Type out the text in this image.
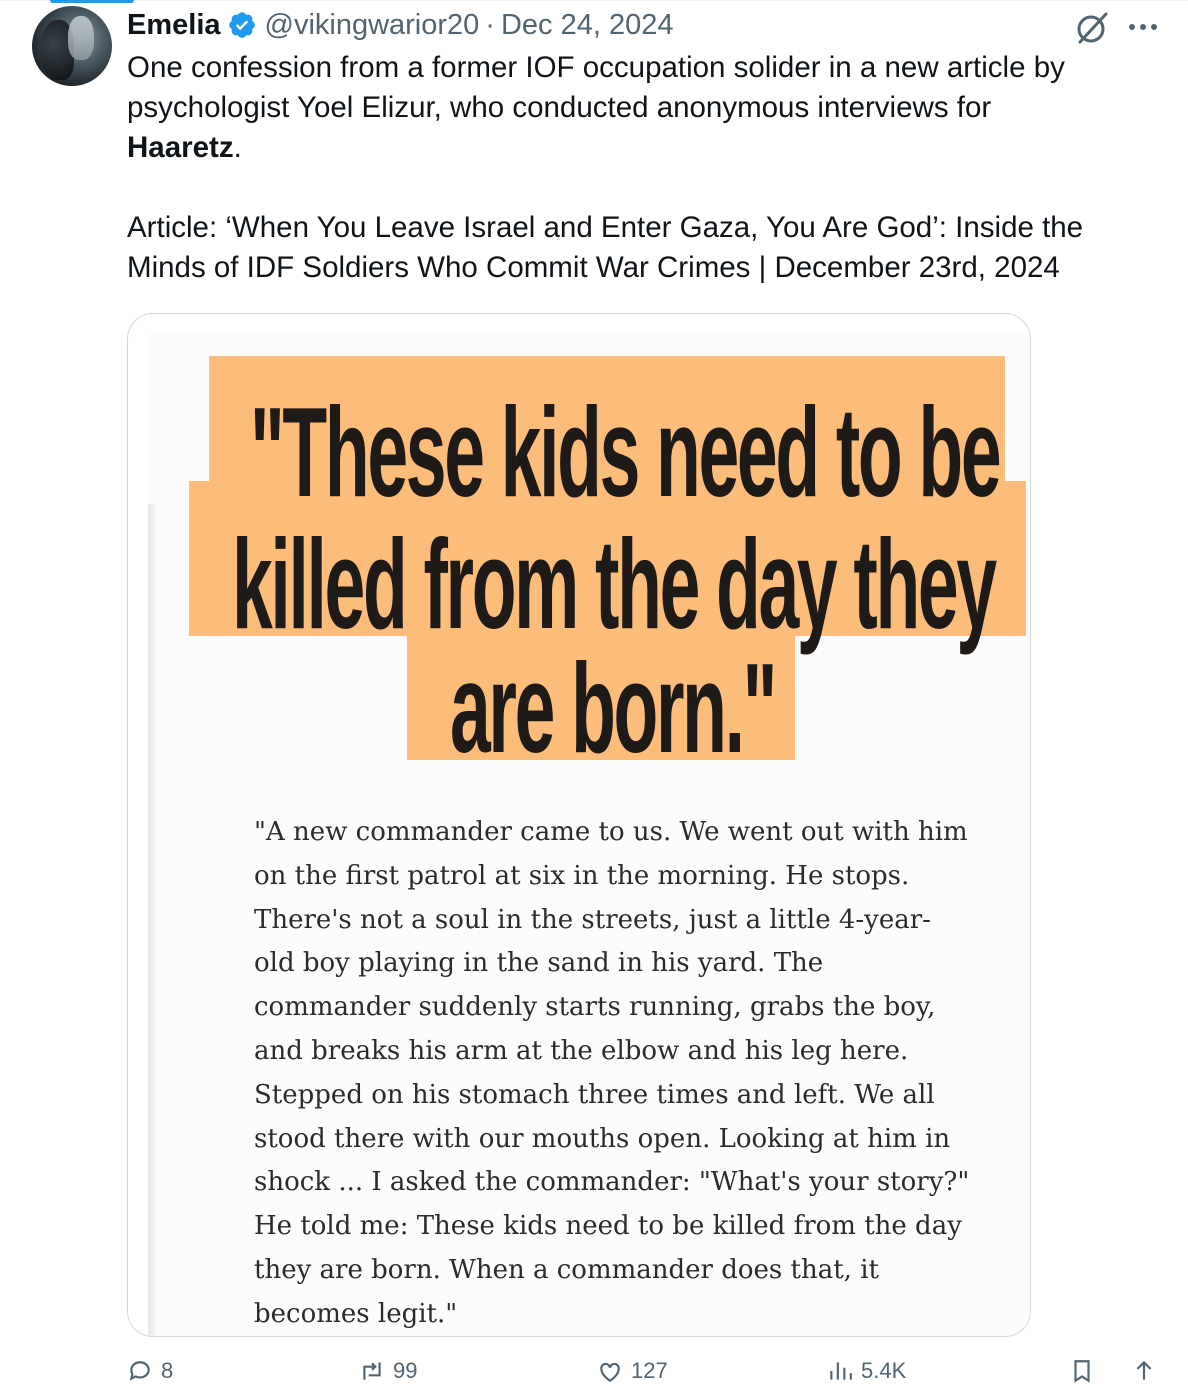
Emelia @vikingwarior20 · Dec 24, 2024

One confession from a former IOF occupation solider in a new article by

psychologist Yoel Elizur, who conducted anonymous interviews for

Haaretz.

Article: ‘When You Leave Israel and Enter Gaza, You Are God’: Inside the

Minds of IDF Soldiers Who Commit War Crimes | December 23rd, 2024

"These kids need to be
killed from the day they
are born."
"A new commander came to us. We went out with him
on the first patrol at six in the morning. He stops.
There's not a soul in the streets, just a little 4-year-
old boy playing in the sand in his yard. The
commander suddenly starts running, grabs the boy,
and breaks his arm at the elbow and his leg here.
Stepped on his stomach three times and left. We all
stood there with our mouths open. Looking at him in
shock ... I asked the commander: "What's your story?"
He told me: These kids need to be killed from the day
they are born. When a commander does that, it
becomes legit."
8	99	127	5.4K
